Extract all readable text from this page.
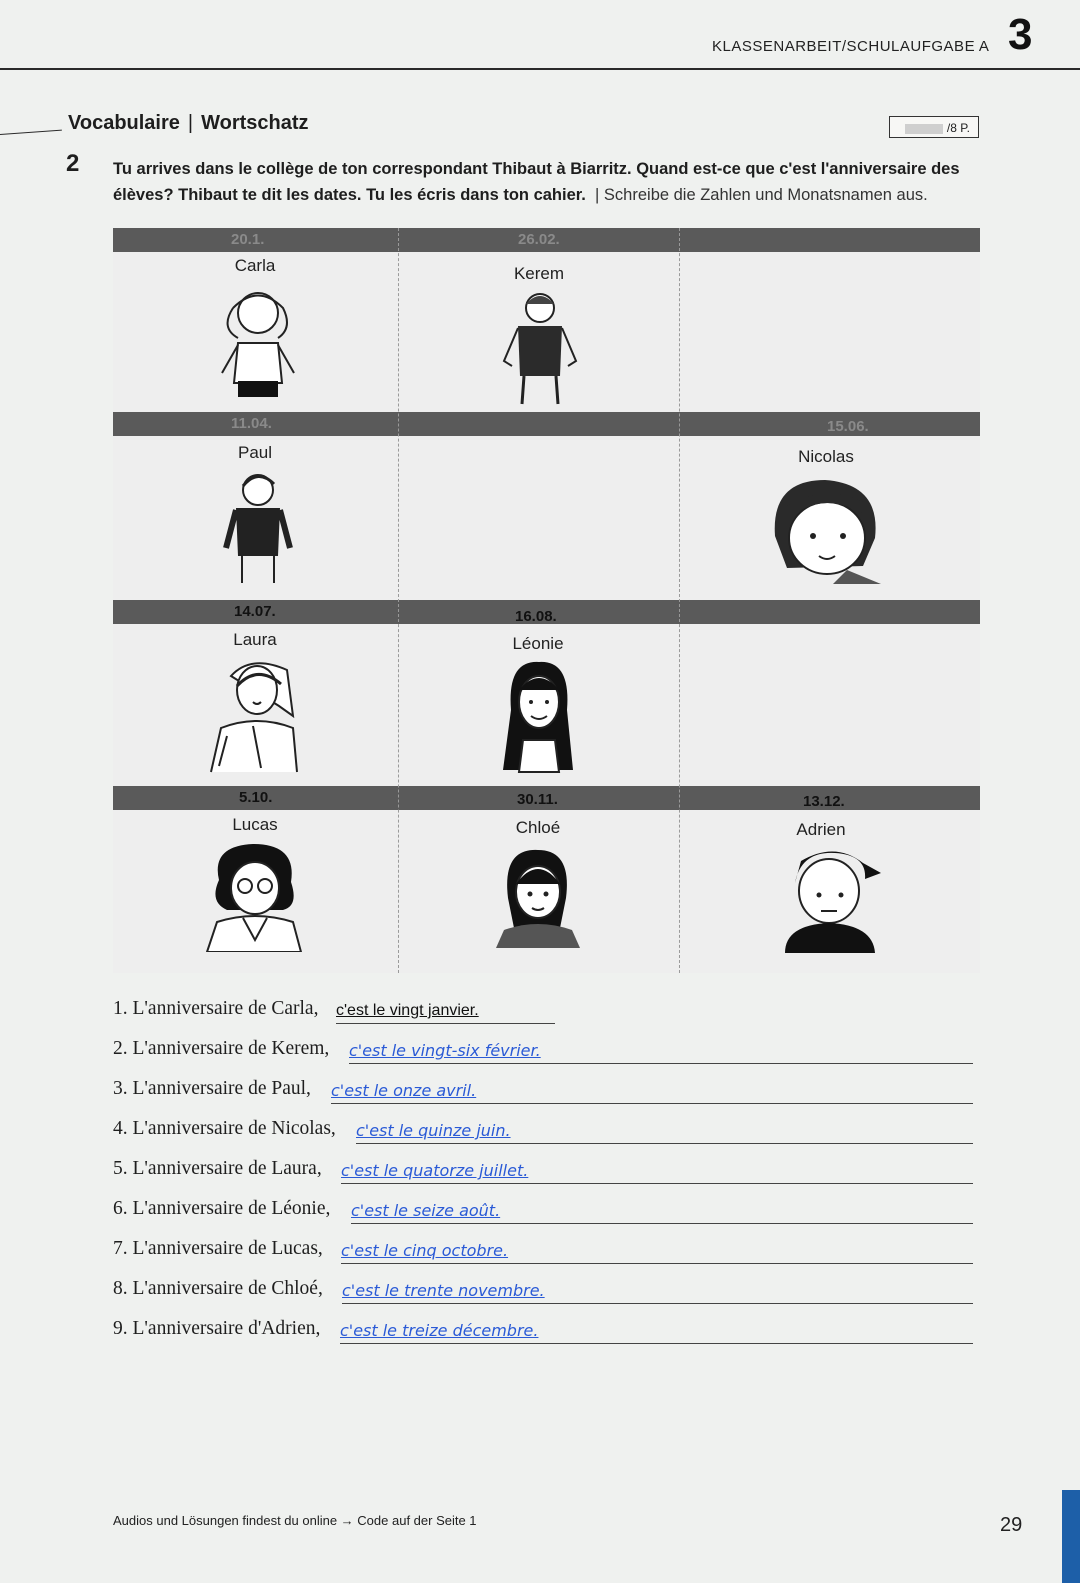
KLASSENARBEIT/SCHULAUFGABE A 3
Vocabulaire | Wortschatz	/8 P.
2 Tu arrives dans le collège de ton correspondant Thibaut à Biarritz. Quand est-ce que c'est l'anniversaire des élèves? Thibaut te dit les dates. Tu les écris dans ton cahier.  | Schreibe die Zahlen und Monatsnamen aus.
20.1.
Carla
26.02.
Kerem
11.04.
Paul
15.06.
Nicolas
14.07.
Laura
16.08.
Léonie
5.10.
Lucas
30.11.
Chloé
13.12.
Adrien
1. L'anniversaire de Carla, c'est le vingt janvier.
2. L'anniversaire de Kerem, c'est le vingt-six février.
3. L'anniversaire de Paul, c'est le onze avril.
4. L'anniversaire de Nicolas, c'est le quinze juin.
5. L'anniversaire de Laura, c'est le quatorze juillet.
6. L'anniversaire de Léonie, c'est le seize août.
7. L'anniversaire de Lucas, c'est le cinq octobre.
8. L'anniversaire de Chloé, c'est le trente novembre.
9. L'anniversaire d'Adrien, c'est le treize décembre.
Audios und Lösungen findest du online → Code auf der Seite 1	29
